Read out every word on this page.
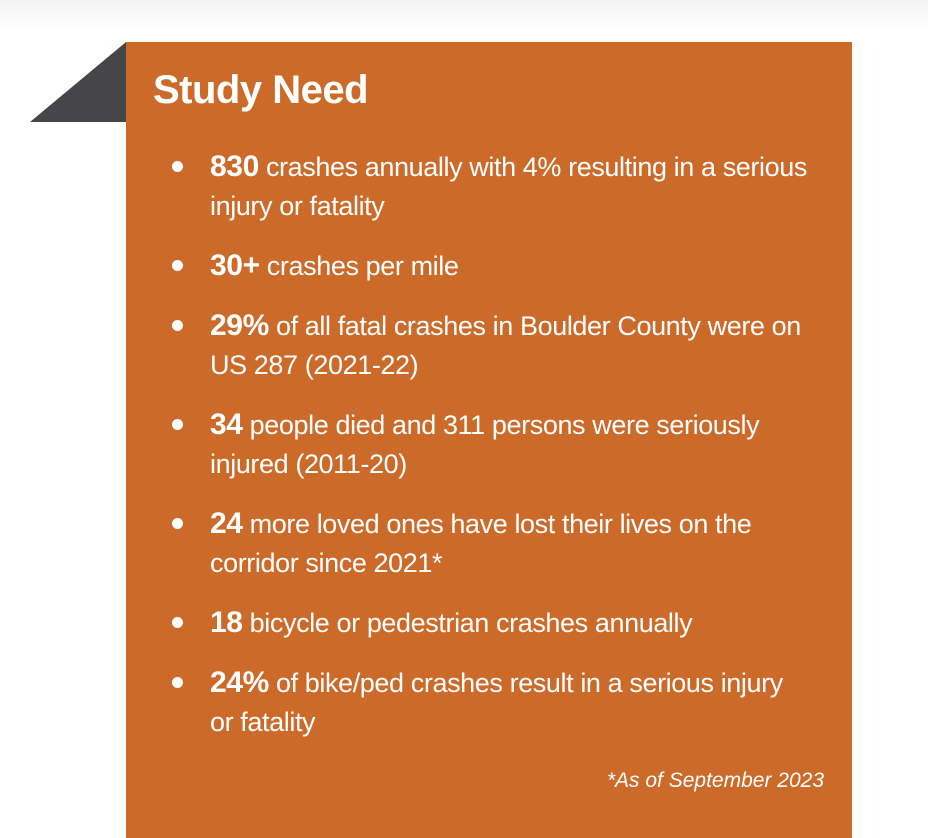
Study Need
830 crashes annually with 4% resulting in a serious injury or fatality
30+ crashes per mile
29% of all fatal crashes in Boulder County were on US 287 (2021-22)
34 people died and 311 persons were seriously injured (2011-20)
24 more loved ones have lost their lives on the corridor since 2021*
18 bicycle or pedestrian crashes annually
24% of bike/ped crashes result in a serious injury or fatality

*As of September 2023
